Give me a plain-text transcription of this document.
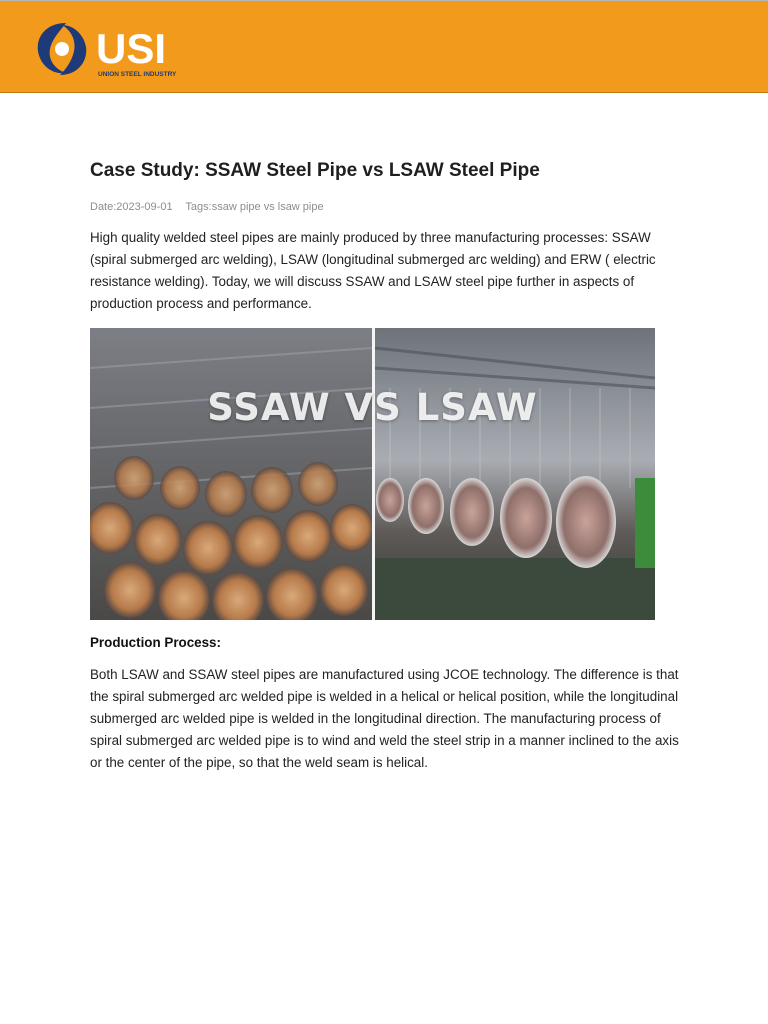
USI
UNION STEEL INDUSTRY
Case Study: SSAW Steel Pipe vs LSAW Steel Pipe
Date:2023-09-01 Tags:ssaw pipe vs lsaw pipe

High quality welded steel pipes are mainly produced by three manufacturing processes: SSAW (spiral submerged arc welding), LSAW (longitudinal submerged arc welding) and ERW ( electric resistance welding). Today, we will discuss SSAW and LSAW steel pipe further in aspects of production process and performance.

SSAW VS LSAW
Production Process:

Both LSAW and SSAW steel pipes are manufactured using JCOE technology. The difference is that the spiral submerged arc welded pipe is welded in a helical or helical position, while the longitudinal submerged arc welded pipe is welded in the longitudinal direction. The manufacturing process of spiral submerged arc welded pipe is to wind and weld the steel strip in a manner inclined to the axis or the center of the pipe, so that the weld seam is helical.
